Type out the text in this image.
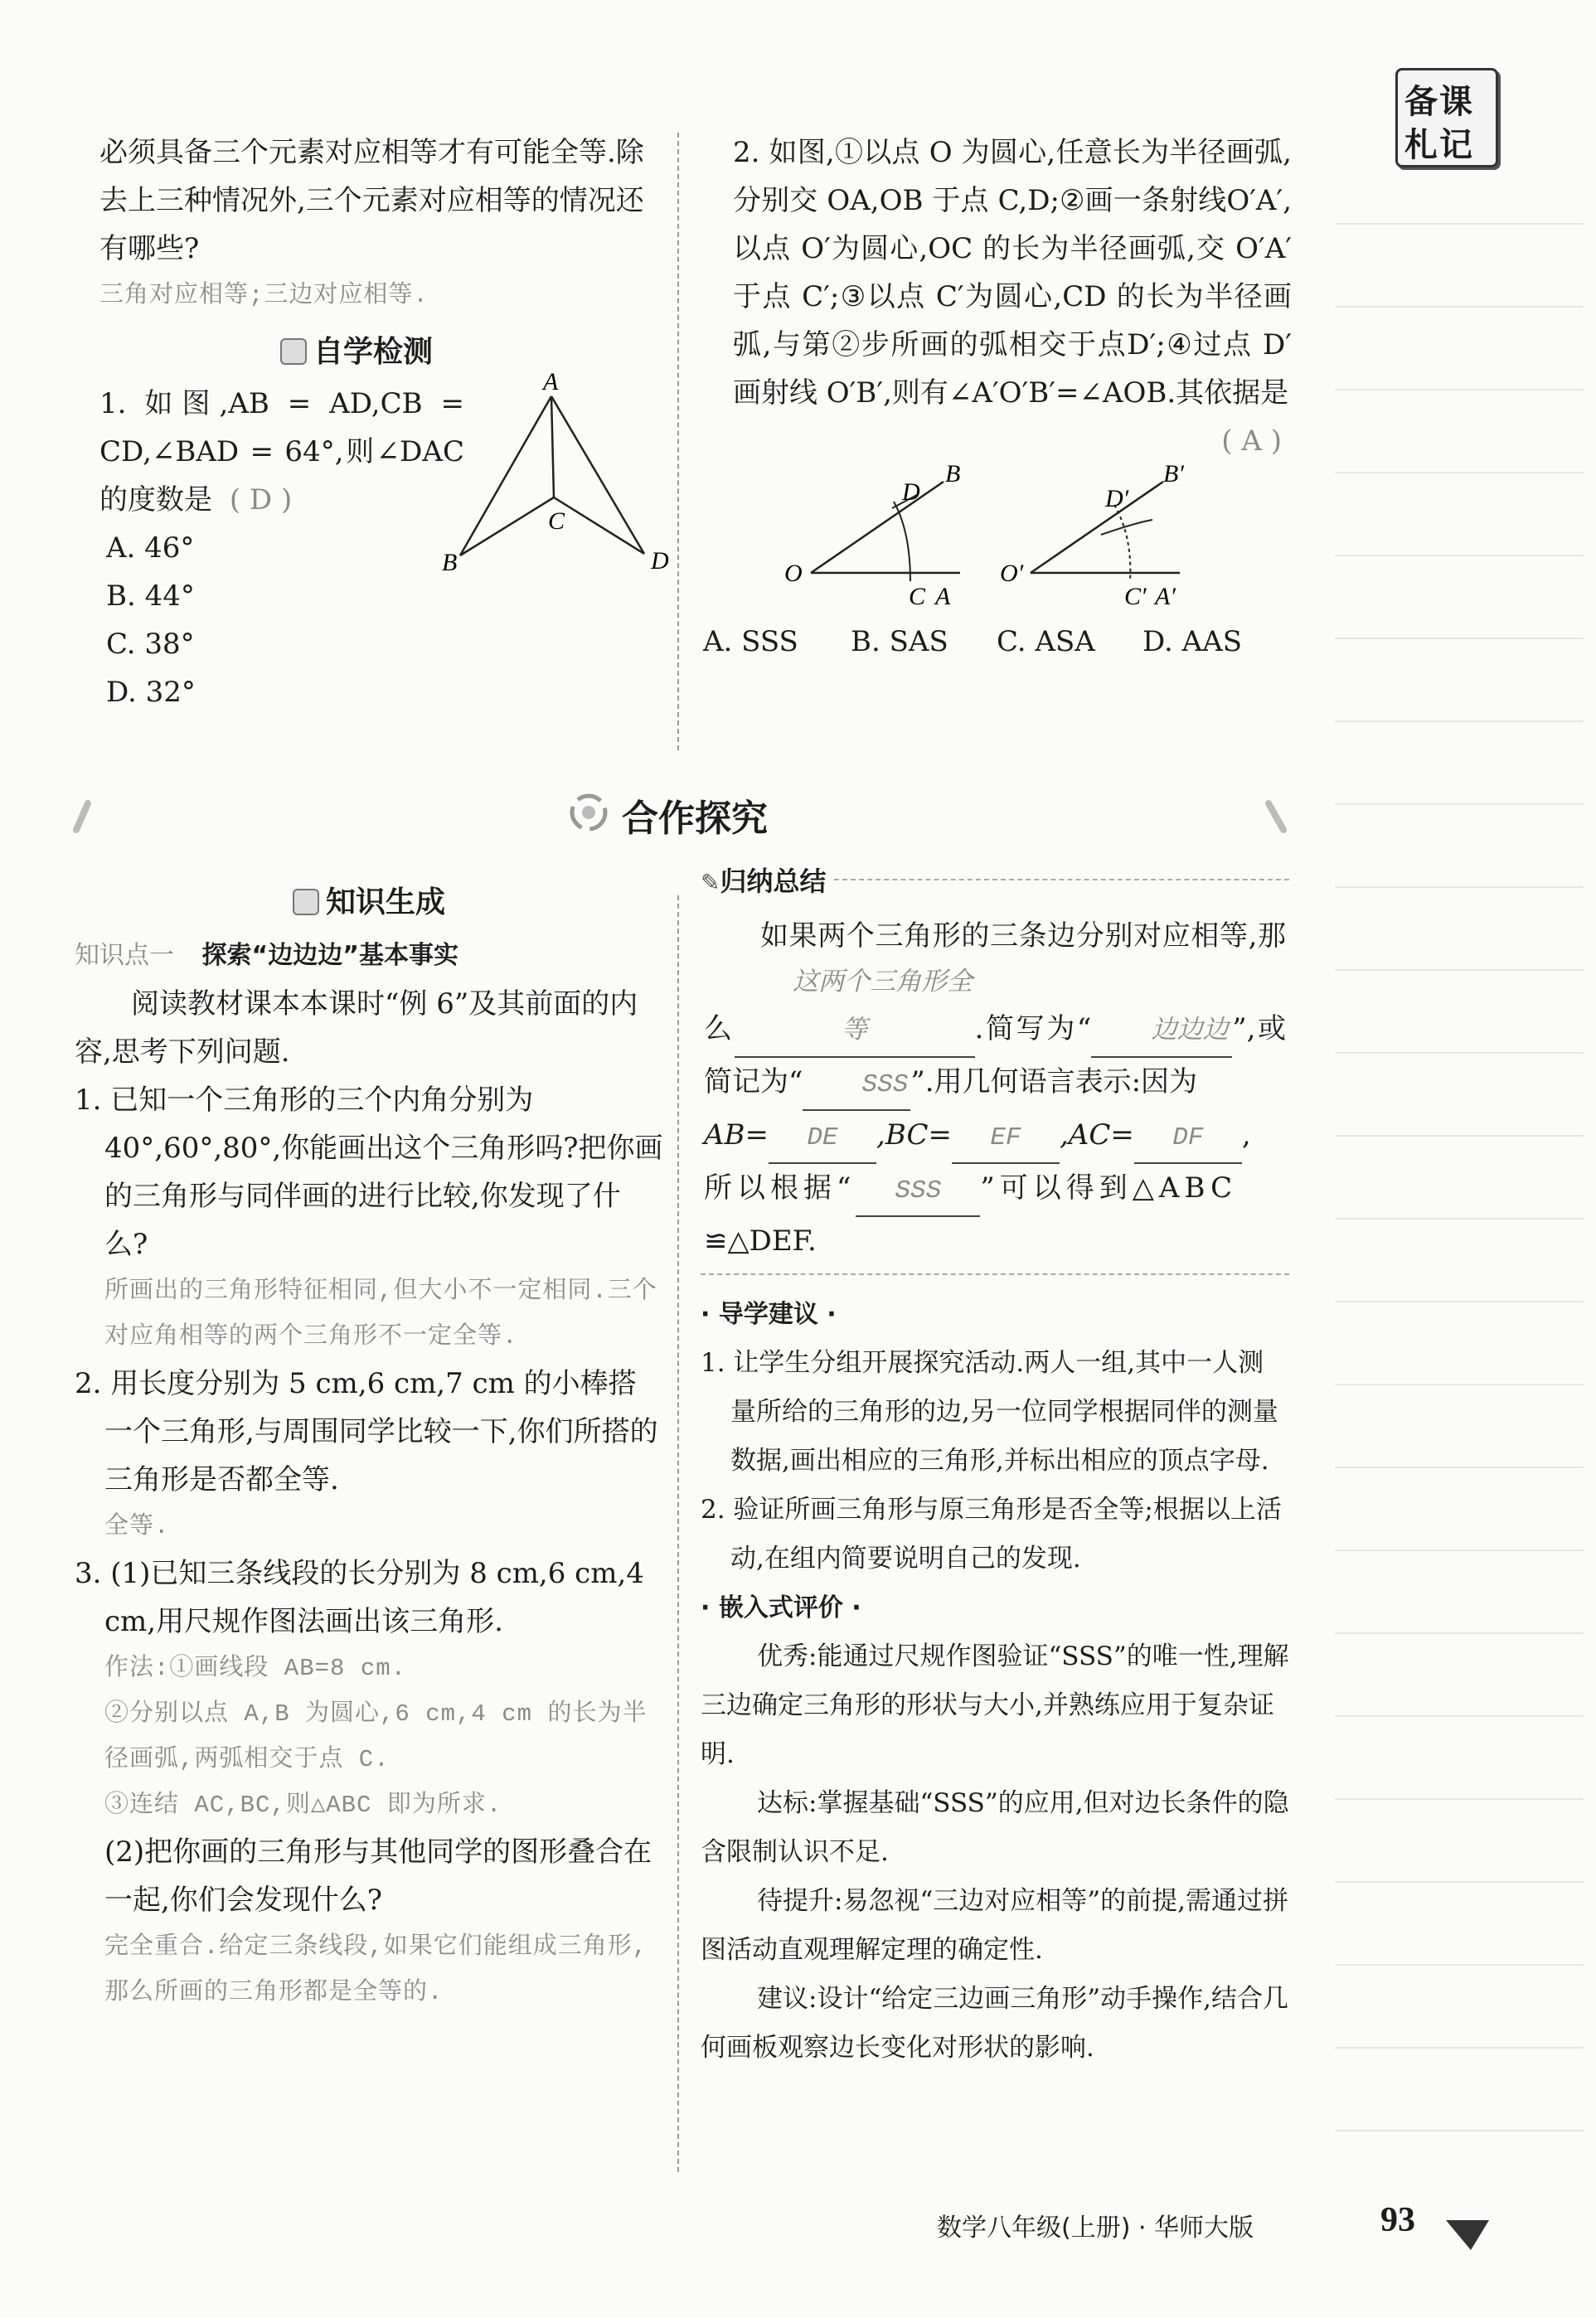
备课
札记

必须具备三个元素对应相等才有可能全等.除去上三种情况外,三个元素对应相等的情况还有哪些?

三角对应相等;三边对应相等.

自学检测

1. 如图,AB = AD,CB = CD,∠BAD = 64°,则∠DAC 的度数是 ( D )

A. 46°

B. 44°

C. 38°

D. 32°

A
B
C
D

2. 如图,①以点 O 为圆心,任意长为半径画弧,分别交 OA,OB 于点 C,D;②画一条射线O′A′,以点 O′为圆心,OC 的长为半径画弧,交 O′A′于点 C′;③以点 C′为圆心,CD 的长为半径画弧,与第②步所画的弧相交于点D′;④过点 D′画射线 O′B′,则有∠A′O′B′=∠AOB.其依据是
( A )

O
B
D
C A
O′
B′
D′
C′ A′
A. SSS	B. SAS	C. ASA	D. AAS
合作探究
知识生成

知识点一 探索“边边边”基本事实

阅读教材课本本课时“例 6”及其前面的内容,思考下列问题.

1. 已知一个三角形的三个内角分别为 40°,60°,80°,你能画出这个三角形吗?把你画的三角形与同伴画的进行比较,你发现了什么?

所画出的三角形特征相同,但大小不一定相同.三个对应角相等的两个三角形不一定全等.

2. 用长度分别为 5 cm,6 cm,7 cm 的小棒搭一个三角形,与周围同学比较一下,你们所搭的三角形是否都全等.

全等.

3. (1)已知三条线段的长分别为 8 cm,6 cm,4 cm,用尺规作图法画出该三角形.

作法:①画线段 AB=8 cm.

②分别以点 A,B 为圆心,6 cm,4 cm 的长为半径画弧,两弧相交于点 C.

③连结 AC,BC,则△ABC 即为所求.

(2)把你画的三角形与其他同学的图形叠合在一起,你们会发现什么?

完全重合.给定三条线段,如果它们能组成三角形,那么所画的三角形都是全等的.

✎归纳总结

如果两个三角形的三条边分别对应相等,那么这两个三角形全等	.简写为“ 边边边 ”,或简记为“ SSS”.用几何语言表示:因为

AB= DE ,BC= EF ,AC= DF ,

所以根据“ SSS ”可以得到△ABC

≌△DEF.

· 导学建议 ·

1. 让学生分组开展探究活动.两人一组,其中一人测量所给的三角形的边,另一位同学根据同伴的测量数据,画出相应的三角形,并标出相应的顶点字母.

2. 验证所画三角形与原三角形是否全等;根据以上活动,在组内简要说明自己的发现.

· 嵌入式评价 ·

优秀:能通过尺规作图验证“SSS”的唯一性,理解三边确定三角形的形状与大小,并熟练应用于复杂证明.

达标:掌握基础“SSS”的应用,但对边长条件的隐含限制认识不足.

待提升:易忽视“三边对应相等”的前提,需通过拼图活动直观理解定理的确定性.

建议:设计“给定三边画三角形”动手操作,结合几何画板观察边长变化对形状的影响.

数学八年级(上册) · 华师大版	93
